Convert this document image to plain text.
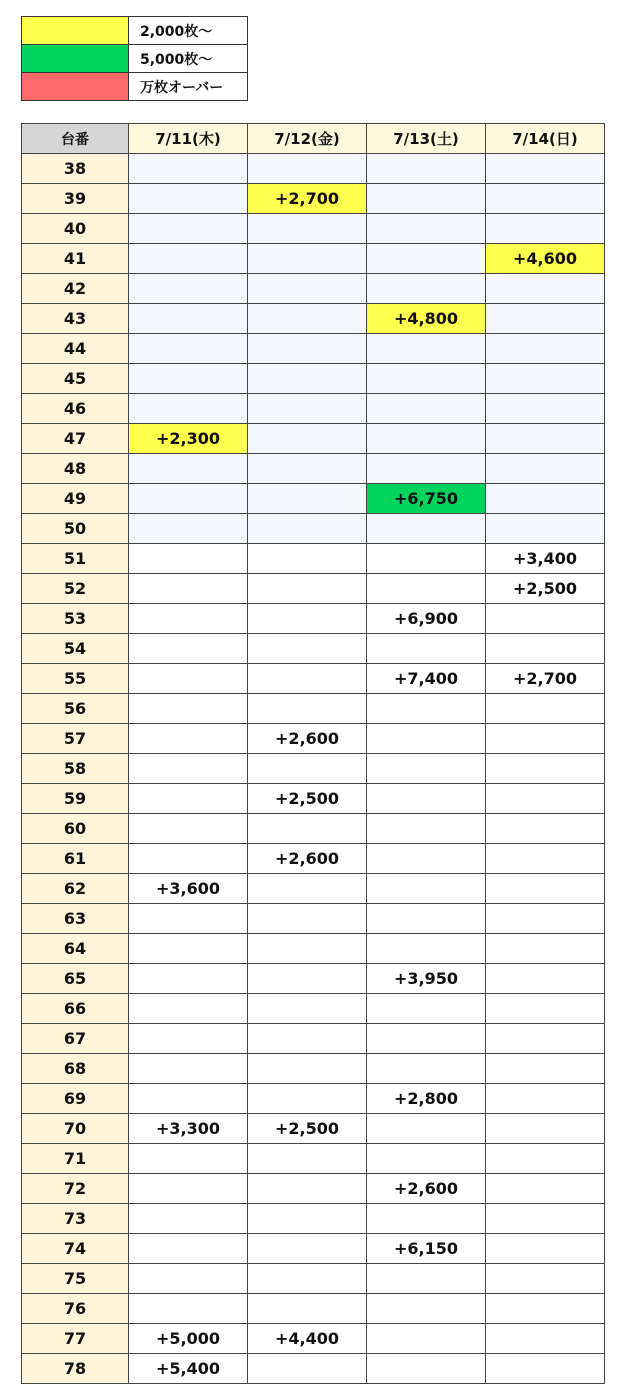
	2,000枚～
	5,000枚～
	万枚オーバー
台番	7/11(木)	7/12(金)	7/13(土)	7/14(日)
38				
39		+2,700		
40				
41				+4,600
42				
43			+4,800	
44				
45				
46				
47	+2,300			
48				
49			+6,750	
50				
51				+3,400
52				+2,500
53			+6,900	
54				
55			+7,400	+2,700
56				
57		+2,600		
58				
59		+2,500		
60				
61		+2,600		
62	+3,600			
63				
64				
65			+3,950	
66				
67				
68				
69			+2,800	
70	+3,300	+2,500		
71				
72			+2,600	
73				
74			+6,150	
75				
76				
77	+5,000	+4,400		
78	+5,400			
